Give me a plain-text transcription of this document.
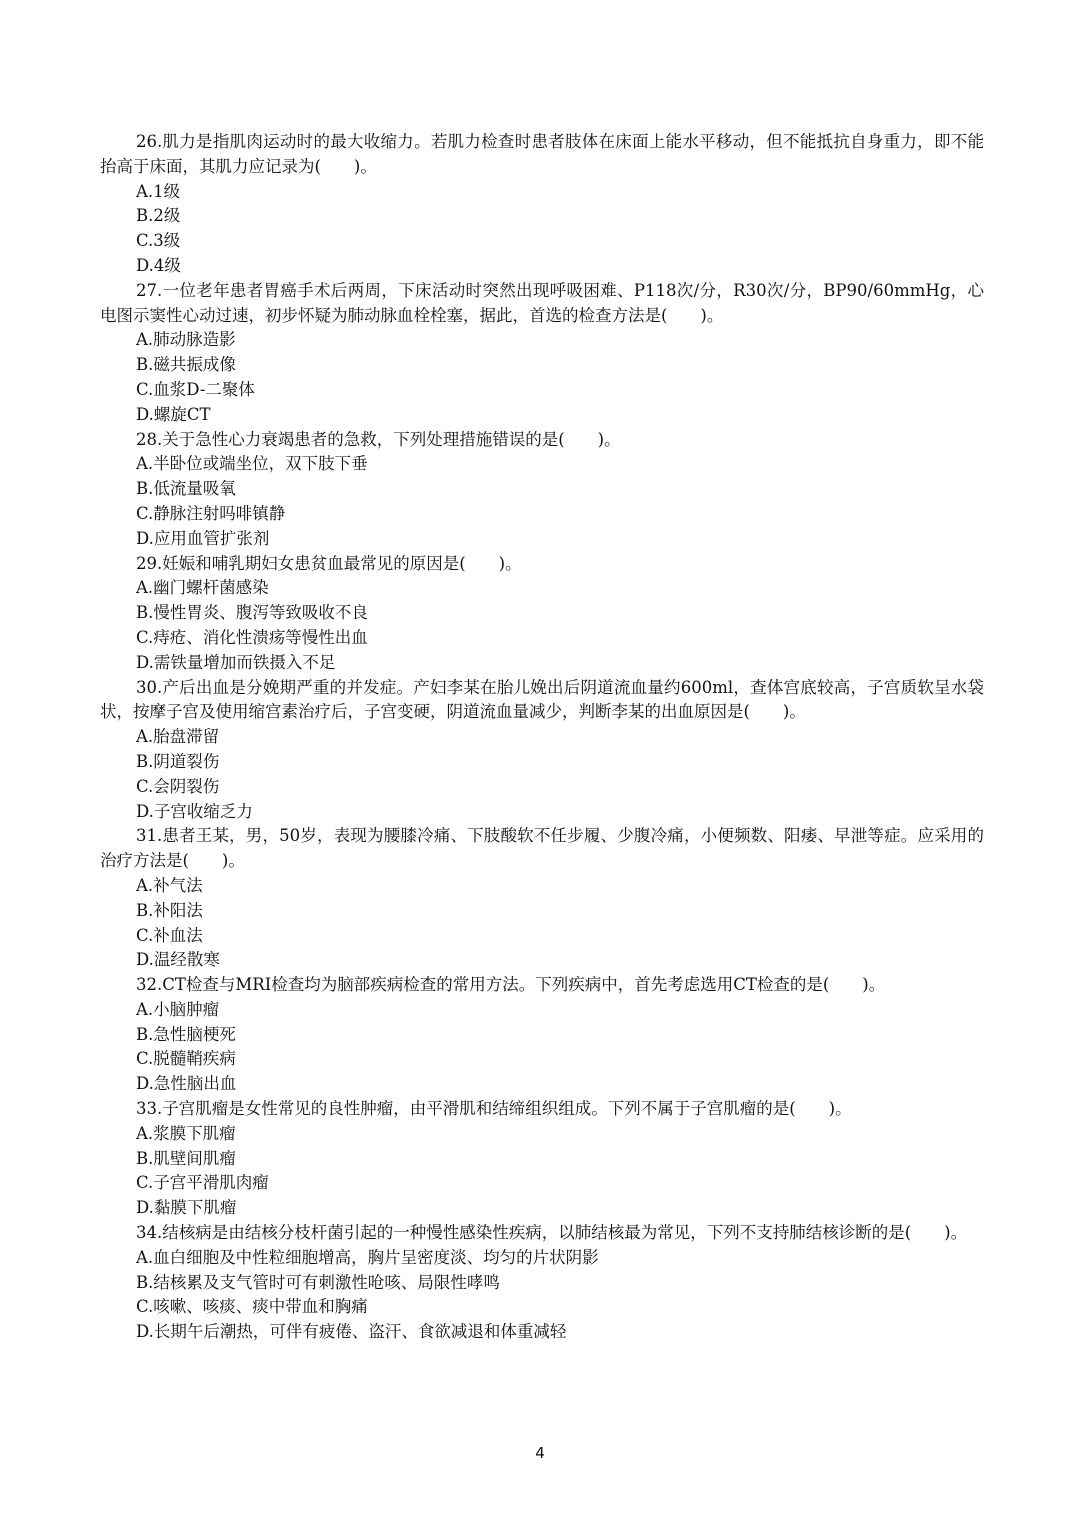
26.肌力是指肌肉运动时的最大收缩力。若肌力检查时患者肢体在床面上能水平移动，但不能抵抗自身重力，即不能抬高于床面，其肌力应记录为(　　)。

A.1级

B.2级

C.3级

D.4级

27.一位老年患者胃癌手术后两周，下床活动时突然出现呼吸困难、P118次/分，R30次/分，BP90/60mmHg，心电图示窦性心动过速，初步怀疑为肺动脉血栓栓塞，据此，首选的检查方法是(　　)。

A.肺动脉造影

B.磁共振成像

C.血浆D-二聚体

D.螺旋CT

28.关于急性心力衰竭患者的急救，下列处理措施错误的是(　　)。

A.半卧位或端坐位，双下肢下垂

B.低流量吸氧

C.静脉注射吗啡镇静

D.应用血管扩张剂

29.妊娠和哺乳期妇女患贫血最常见的原因是(　　)。

A.幽门螺杆菌感染

B.慢性胃炎、腹泻等致吸收不良

C.痔疮、消化性溃疡等慢性出血

D.需铁量增加而铁摄入不足

30.产后出血是分娩期严重的并发症。产妇李某在胎儿娩出后阴道流血量约600ml，查体宫底较高，子宫质软呈水袋状，按摩子宫及使用缩宫素治疗后，子宫变硬，阴道流血量减少，判断李某的出血原因是(　　)。

A.胎盘滞留

B.阴道裂伤

C.会阴裂伤

D.子宫收缩乏力

31.患者王某，男，50岁，表现为腰膝冷痛、下肢酸软不任步履、少腹冷痛，小便频数、阳痿、早泄等症。应采用的治疗方法是(　　)。

A.补气法

B.补阳法

C.补血法

D.温经散寒

32.CT检查与MRI检查均为脑部疾病检查的常用方法。下列疾病中，首先考虑选用CT检查的是(　　)。

A.小脑肿瘤

B.急性脑梗死

C.脱髓鞘疾病

D.急性脑出血

33.子宫肌瘤是女性常见的良性肿瘤，由平滑肌和结缔组织组成。下列不属于子宫肌瘤的是(　　)。

A.浆膜下肌瘤

B.肌壁间肌瘤

C.子宫平滑肌肉瘤

D.黏膜下肌瘤

34.结核病是由结核分枝杆菌引起的一种慢性感染性疾病，以肺结核最为常见，下列不支持肺结核诊断的是(　　)。

A.血白细胞及中性粒细胞增高，胸片呈密度淡、均匀的片状阴影

B.结核累及支气管时可有刺激性呛咳、局限性哮鸣

C.咳嗽、咳痰、痰中带血和胸痛

D.长期午后潮热，可伴有疲倦、盗汗、食欲减退和体重减轻

4
